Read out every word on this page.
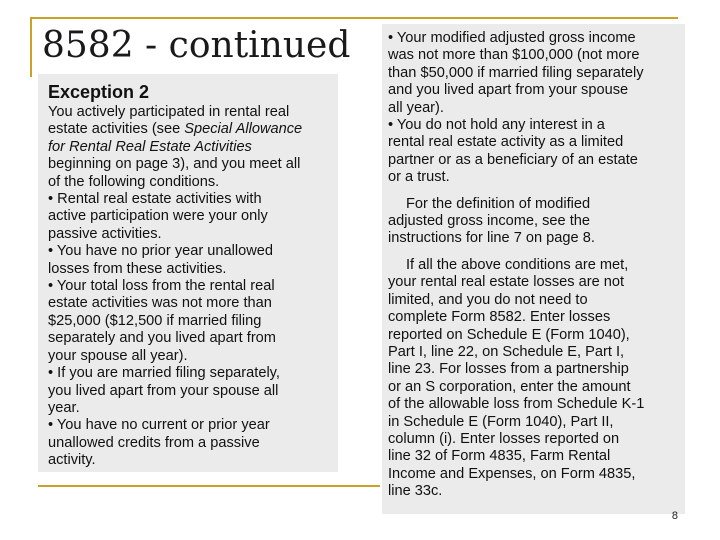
8582 - continued
Exception 2

You actively participated in rental real
estate activities (see Special Allowance
for Rental Real Estate Activities
beginning on page 3), and you meet all
of the following conditions.

• Rental real estate activities with
active participation were your only
passive activities.

• You have no prior year unallowed
losses from these activities.

• Your total loss from the rental real
estate activities was not more than
$25,000 ($12,500 if married filing
separately and you lived apart from
your spouse all year).

• If you are married filing separately,
you lived apart from your spouse all
year.

• You have no current or prior year
unallowed credits from a passive
activity.

• Your modified adjusted gross income
was not more than $100,000 (not more
than $50,000 if married filing separately
and you lived apart from your spouse
all year).

• You do not hold any interest in a
rental real estate activity as a limited
partner or as a beneficiary of an estate
or a trust.

For the definition of modified
adjusted gross income, see the
instructions for line 7 on page 8.

If all the above conditions are met,
your rental real estate losses are not
limited, and you do not need to
complete Form 8582. Enter losses
reported on Schedule E (Form 1040),
Part I, line 22, on Schedule E, Part I,
line 23. For losses from a partnership
or an S corporation, enter the amount
of the allowable loss from Schedule K-1
in Schedule E (Form 1040), Part II,
column (i). Enter losses reported on
line 32 of Form 4835, Farm Rental
Income and Expenses, on Form 4835,
line 33c.

8
